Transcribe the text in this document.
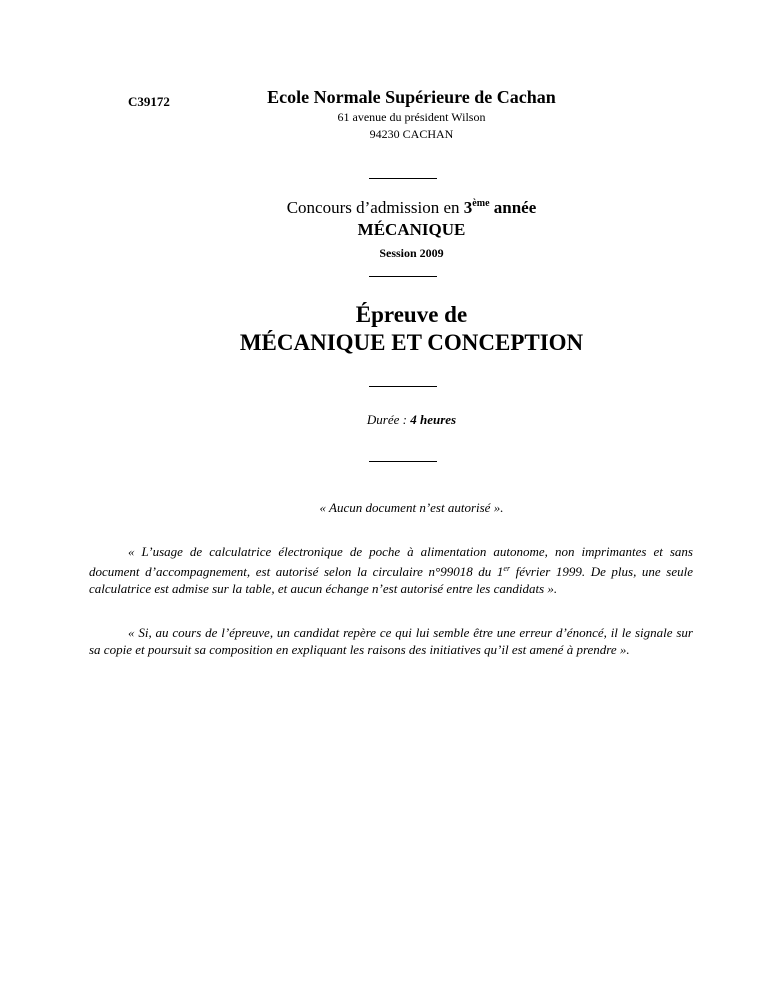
C39172	Ecole Normale Supérieure de Cachan
61 avenue du président Wilson
94230 CACHAN
Concours d’admission en 3ème année
MÉCANIQUE
Session 2009
Épreuve de
MÉCANIQUE ET CONCEPTION
Durée : 4 heures
« Aucun document n’est autorisé ».
« L’usage de calculatrice électronique de poche à alimentation autonome, non imprimantes et sans document d’accompagnement, est autorisé selon la circulaire n°99018 du 1er février 1999. De plus, une seule calculatrice est admise sur la table, et aucun échange n’est autorisé entre les candidats ».
« Si, au cours de l’épreuve, un candidat repère ce qui lui semble être une erreur d’énoncé, il le signale sur sa copie et poursuit sa composition en expliquant les raisons des initiatives qu’il est amené à prendre ».
